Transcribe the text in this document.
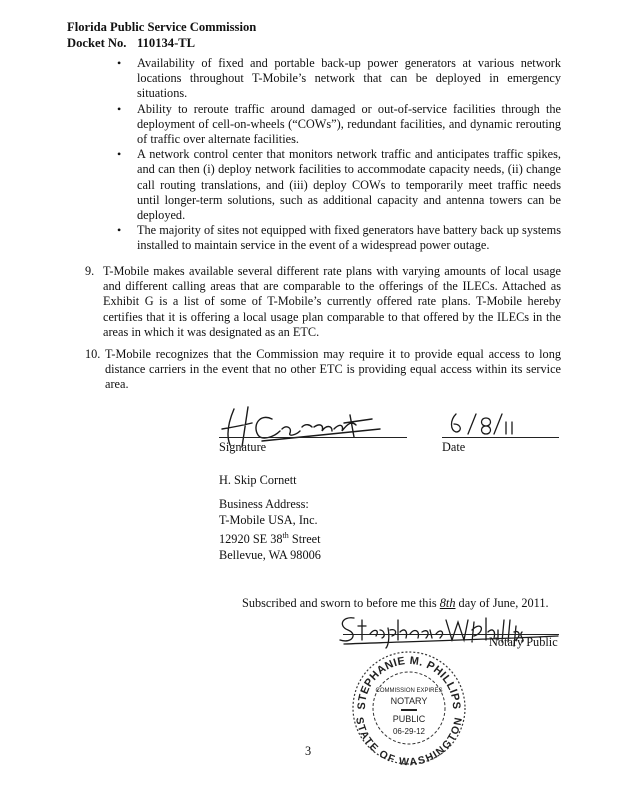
Florida Public Service Commission
Docket No. 110134-TL
• Availability of fixed and portable back-up power generators at various network locations throughout T-Mobile’s network that can be deployed in emergency situations.
• Ability to reroute traffic around damaged or out-of-service facilities through the deployment of cell-on-wheels (“COWs”), redundant facilities, and dynamic rerouting of traffic over alternate facilities.
• A network control center that monitors network traffic and anticipates traffic spikes, and can then (i) deploy network facilities to accommodate capacity needs, (ii) change call routing translations, and (iii) deploy COWs to temporarily meet traffic needs until longer-term solutions, such as additional capacity and antenna towers can be deployed.
• The majority of sites not equipped with fixed generators have battery back up systems installed to maintain service in the event of a widespread power outage.
9. T-Mobile makes available several different rate plans with varying amounts of local usage and different calling areas that are comparable to the offerings of the ILECs. Attached as Exhibit G is a list of some of T-Mobile’s currently offered rate plans. T-Mobile hereby certifies that it is offering a local usage plan comparable to that offered by the ILECs in the areas in which it was designated as an ETC.
10. T-Mobile recognizes that the Commission may require it to provide equal access to long distance carriers in the event that no other ETC is providing equal access within its service area.
Signature	Date
H. Skip Cornett
Business Address:
T-Mobile USA, Inc.
12920 SE 38th Street
Bellevue, WA 98006
Subscribed and sworn to before me this 8th day of June, 2011.
Notary Public
STEPHANIE M. PHILLIPS
STATE OF WASHINGTON
COMMISSION EXPIRES
NOTARY
PUBLIC
06-29-12
3
